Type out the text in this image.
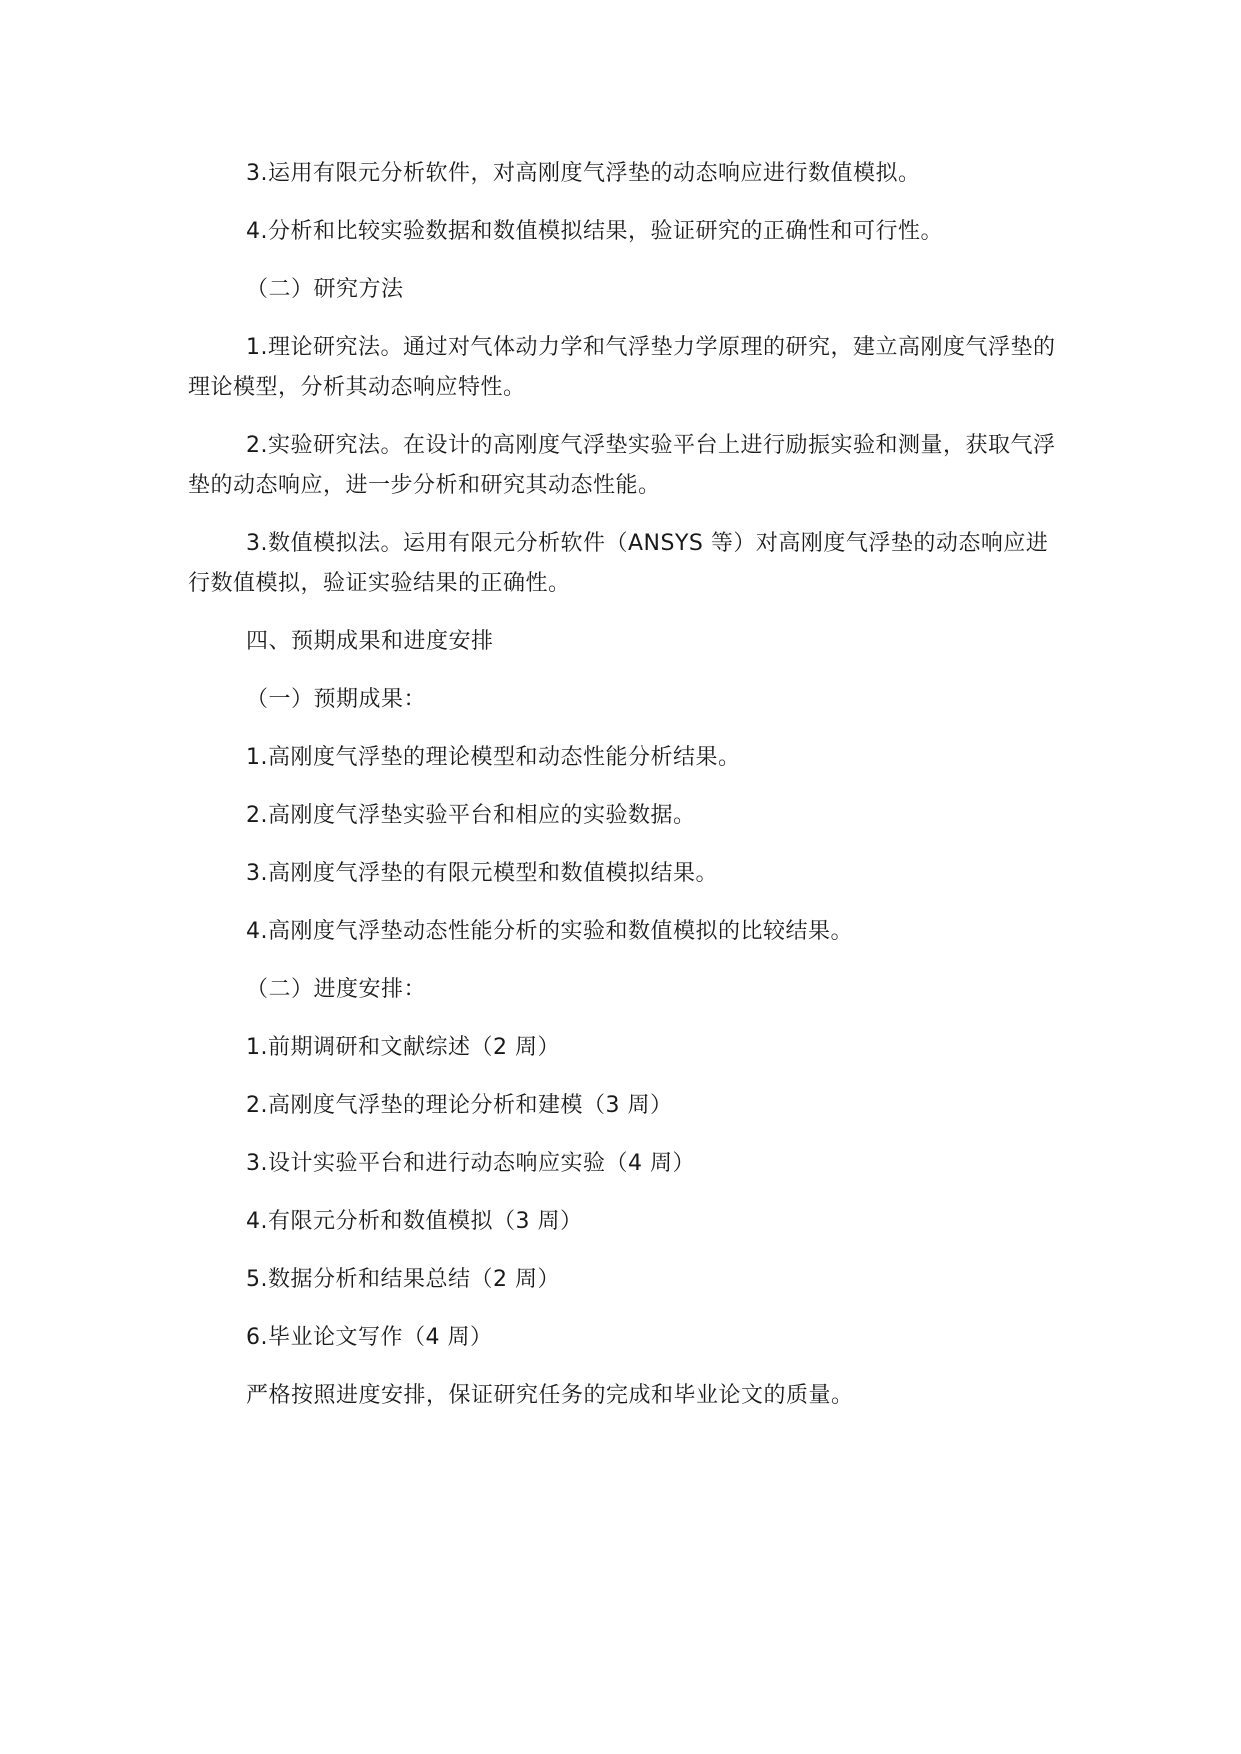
3.运用有限元分析软件，对高刚度气浮垫的动态响应进行数值模拟。

4.分析和比较实验数据和数值模拟结果，验证研究的正确性和可行性。

（二）研究方法

1.理论研究法。通过对气体动力学和气浮垫力学原理的研究，建立高刚度气浮垫的理论模型，分析其动态响应特性。

2.实验研究法。在设计的高刚度气浮垫实验平台上进行励振实验和测量，获取气浮垫的动态响应，进一步分析和研究其动态性能。

3.数值模拟法。运用有限元分析软件（ANSYS 等）对高刚度气浮垫的动态响应进行数值模拟，验证实验结果的正确性。

四、预期成果和进度安排

（一）预期成果：

1.高刚度气浮垫的理论模型和动态性能分析结果。

2.高刚度气浮垫实验平台和相应的实验数据。

3.高刚度气浮垫的有限元模型和数值模拟结果。

4.高刚度气浮垫动态性能分析的实验和数值模拟的比较结果。

（二）进度安排：

1.前期调研和文献综述（2 周）

2.高刚度气浮垫的理论分析和建模（3 周）

3.设计实验平台和进行动态响应实验（4 周）

4.有限元分析和数值模拟（3 周）

5.数据分析和结果总结（2 周）

6.毕业论文写作（4 周）

严格按照进度安排，保证研究任务的完成和毕业论文的质量。
